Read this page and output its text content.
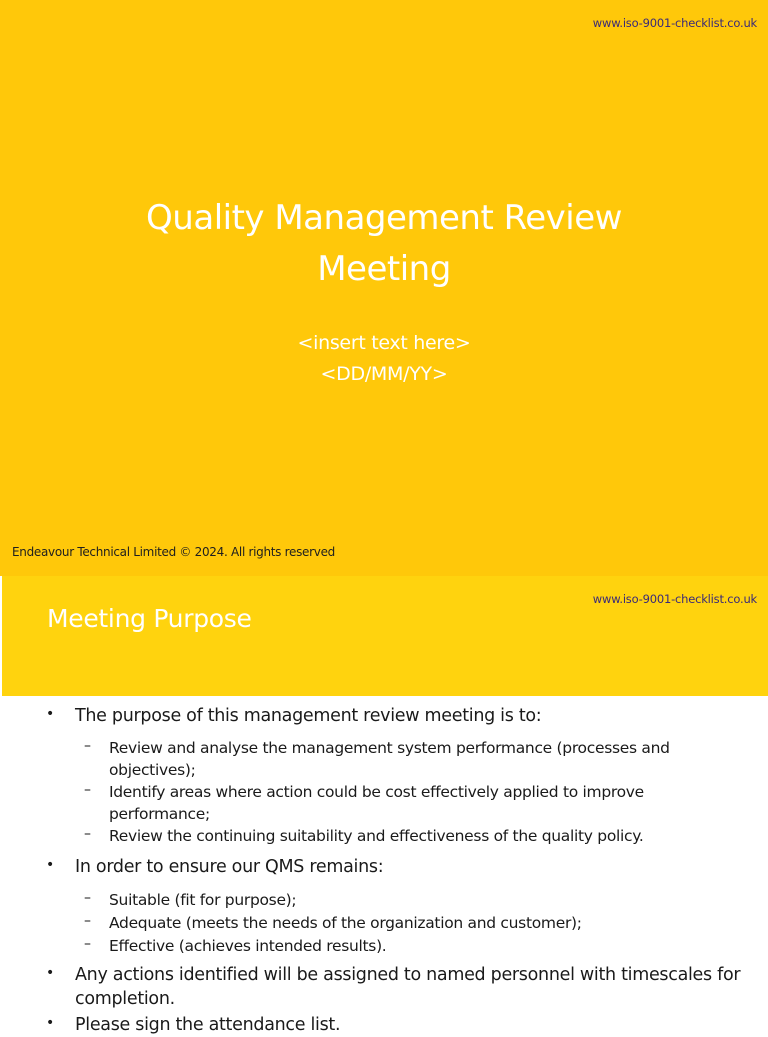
www.iso-9001-checklist.co.uk
Quality Management Review
Meeting
<insert text here>
<DD/MM/YY>
Endeavour Technical Limited © 2024. All rights reserved
www.iso-9001-checklist.co.uk
Meeting Purpose
• The purpose of this management review meeting is to:
– Review and analyse the management system performance (processes and objectives);
– Identify areas where action could be cost effectively applied to improve performance;
– Review the continuing suitability and effectiveness of the quality policy.
• In order to ensure our QMS remains:
– Suitable (fit for purpose);
– Adequate (meets the needs of the organization and customer);
– Effective (achieves intended results).
• Any actions identified will be assigned to named personnel with timescales for completion.
• Please sign the attendance list.
